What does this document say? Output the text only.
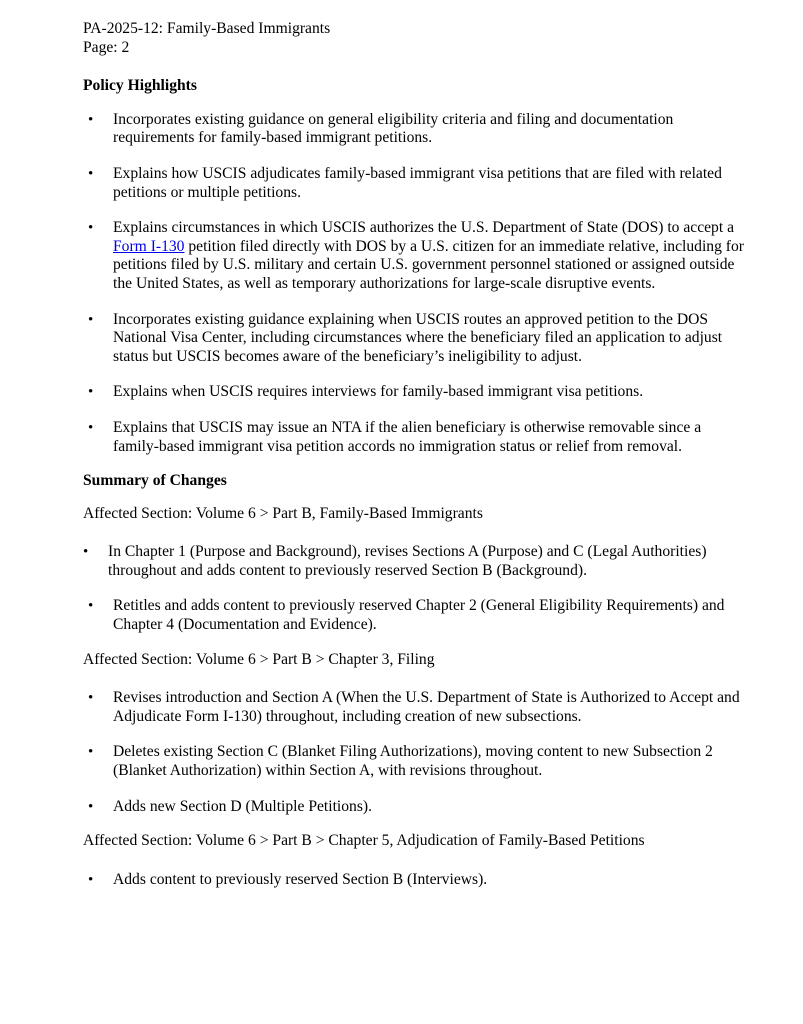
PA-2025-12: Family-Based Immigrants
Page: 2
Policy Highlights
• Incorporates existing guidance on general eligibility criteria and filing and documentation requirements for family-based immigrant petitions.
• Explains how USCIS adjudicates family-based immigrant visa petitions that are filed with related petitions or multiple petitions.
• Explains circumstances in which USCIS authorizes the U.S. Department of State (DOS) to accept a Form I-130 petition filed directly with DOS by a U.S. citizen for an immediate relative, including for petitions filed by U.S. military and certain U.S. government personnel stationed or assigned outside the United States, as well as temporary authorizations for large-scale disruptive events.
• Incorporates existing guidance explaining when USCIS routes an approved petition to the DOS National Visa Center, including circumstances where the beneficiary filed an application to adjust status but USCIS becomes aware of the beneficiary’s ineligibility to adjust.
• Explains when USCIS requires interviews for family-based immigrant visa petitions.
• Explains that USCIS may issue an NTA if the alien beneficiary is otherwise removable since a family-based immigrant visa petition accords no immigration status or relief from removal.
Summary of Changes

Affected Section: Volume 6 > Part B, Family-Based Immigrants

• In Chapter 1 (Purpose and Background), revises Sections A (Purpose) and C (Legal Authorities) throughout and adds content to previously reserved Section B (Background).
• Retitles and adds content to previously reserved Chapter 2 (General Eligibility Requirements) and Chapter 4 (Documentation and Evidence).

Affected Section: Volume 6 > Part B > Chapter 3, Filing

• Revises introduction and Section A (When the U.S. Department of State is Authorized to Accept and Adjudicate Form I-130) throughout, including creation of new subsections.
• Deletes existing Section C (Blanket Filing Authorizations), moving content to new Subsection 2 (Blanket Authorization) within Section A, with revisions throughout.
• Adds new Section D (Multiple Petitions).

Affected Section: Volume 6 > Part B > Chapter 5, Adjudication of Family-Based Petitions

• Adds content to previously reserved Section B (Interviews).
